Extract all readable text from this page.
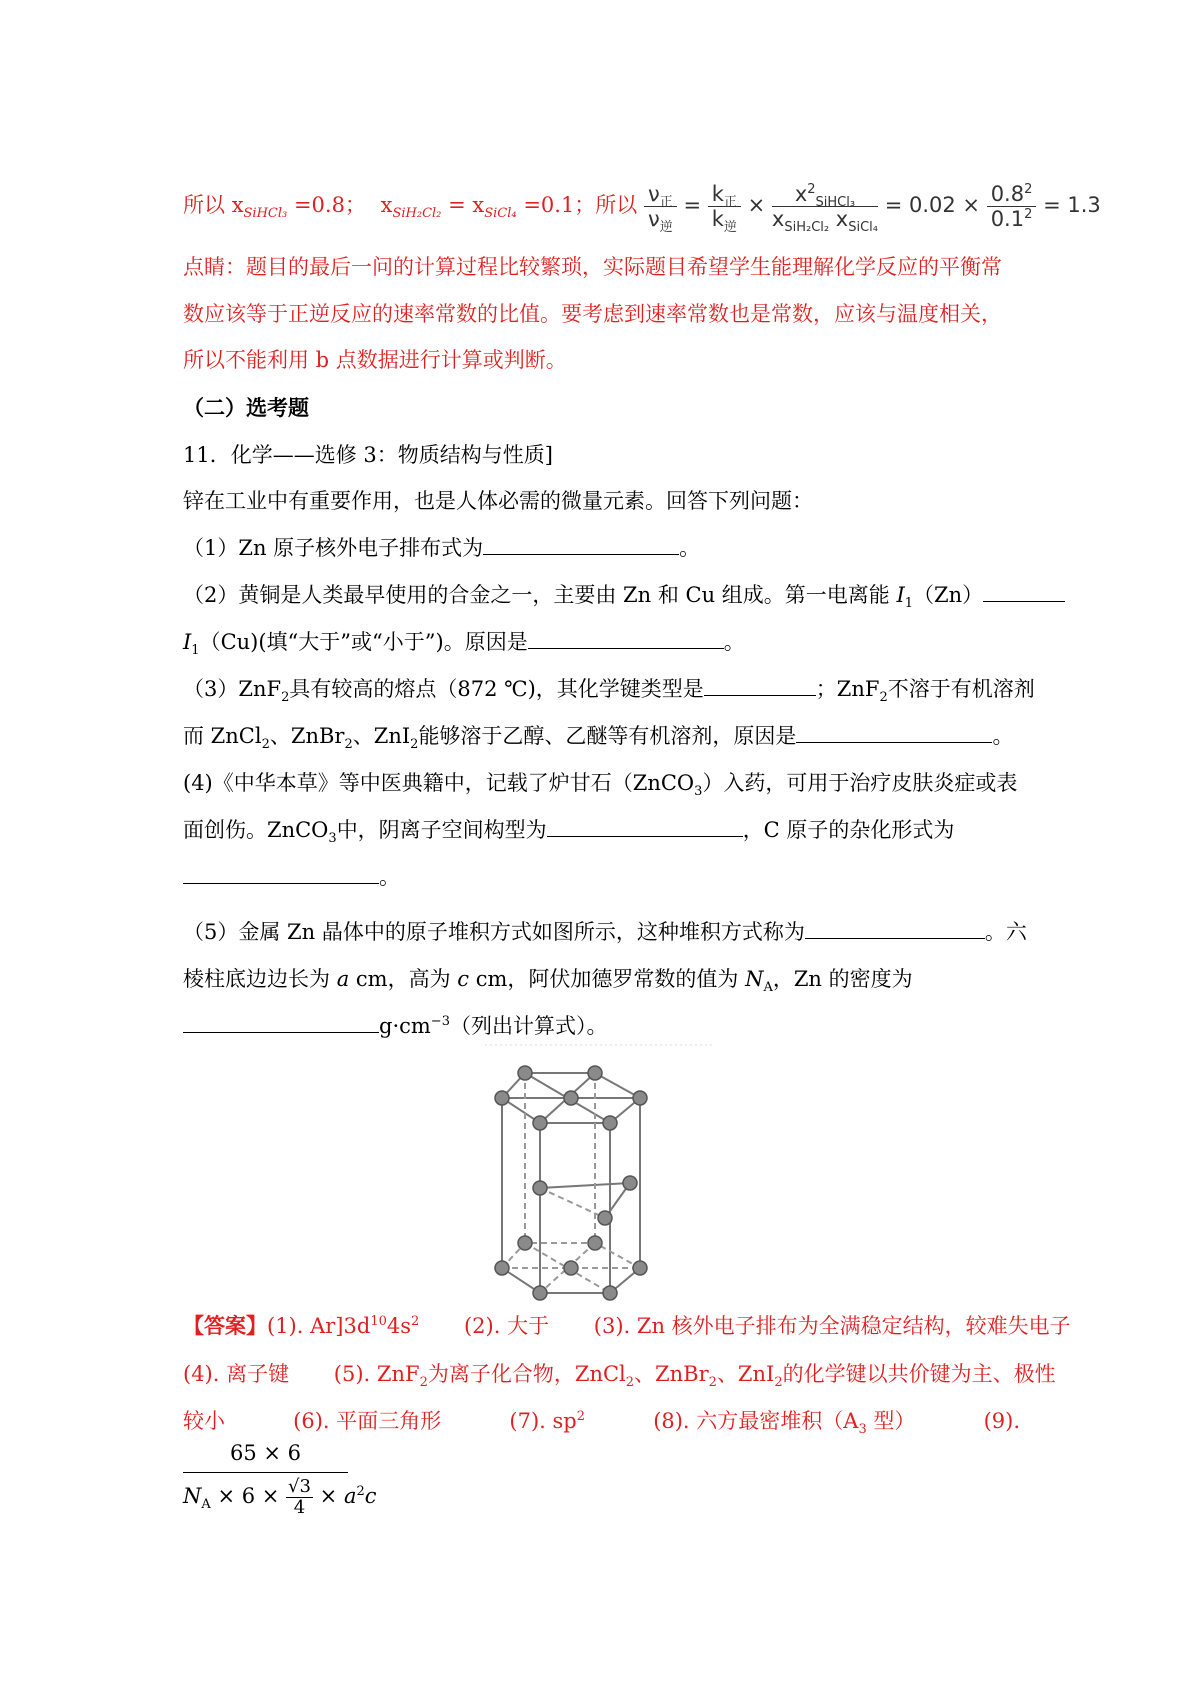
所以 $x_{SiHCl_3} =0.8$； $x_{SiH_2Cl_2} = x_{SiCl_4} =0.1$；所以 $\frac{\nu_正}{\nu_逆} = \frac{k_正}{k_逆} \times \frac{x^2_{SiHCl_3}}{x_{SiH_2Cl_2} x_{SiCl_4}} = 0.02 \times \frac{0.8^2}{0.1^2} = 1.3$
点睛：题目的最后一问的计算过程比较繁琐，实际题目希望学生能理解化学反应的平衡常
数应该等于正逆反应的速率常数的比值。要考虑到速率常数也是常数，应该与温度相关，
所以不能利用 b 点数据进行计算或判断。
（二）选考题
11．化学——选修 3：物质结构与性质]
锌在工业中有重要作用，也是人体必需的微量元素。回答下列问题：
（1）Zn 原子核外电子排布式为	。
（2）黄铜是人类最早使用的合金之一，主要由 Zn 和 Cu 组成。第一电离能 $I_1(Zn)$
$I_1(Cu)$(填“大于”或“小于”)。原因是	。
（3）ZnF$_2$具有较高的熔点（872 ℃)，其化学键类型是	；ZnF$_2$不溶于有机溶剂
而 ZnCl$_2$、ZnBr$_2$、ZnI$_2$能够溶于乙醇、乙醚等有机溶剂，原因是	。
(4)《中华本草》等中医典籍中，记载了炉甘石（ZnCO$_3$）入药，可用于治疗皮肤炎症或表
面创伤。ZnCO$_3$中，阴离子空间构型为	，C 原子的杂化形式为
。
（5）金属 Zn 晶体中的原子堆积方式如图所示，这种堆积方式称为	。六
棱柱底边边长为 a cm，高为 c cm，阿伏加德罗常数的值为 $N_A$，Zn 的密度为
$g\cdot cm^{-3}$（列出计算式）。
【答案】(1). $Ar]3d^{10}4s^2$ (2). 大于 (3). Zn 核外电子排布为全满稳定结构，较难失电子
(4). 离子键 (5). ZnF$_2$为离子化合物，ZnCl$_2$、ZnBr$_2$、ZnI$_2$的化学键以共价键为主、极性
较小	(6). 平面三角形	(7). $sp^2$	(8). 六方最密堆积（$A_3$ 型）	(9).
65 × 6
$N_A \times 6 \times \frac{√3}{4} \times a^2c$
